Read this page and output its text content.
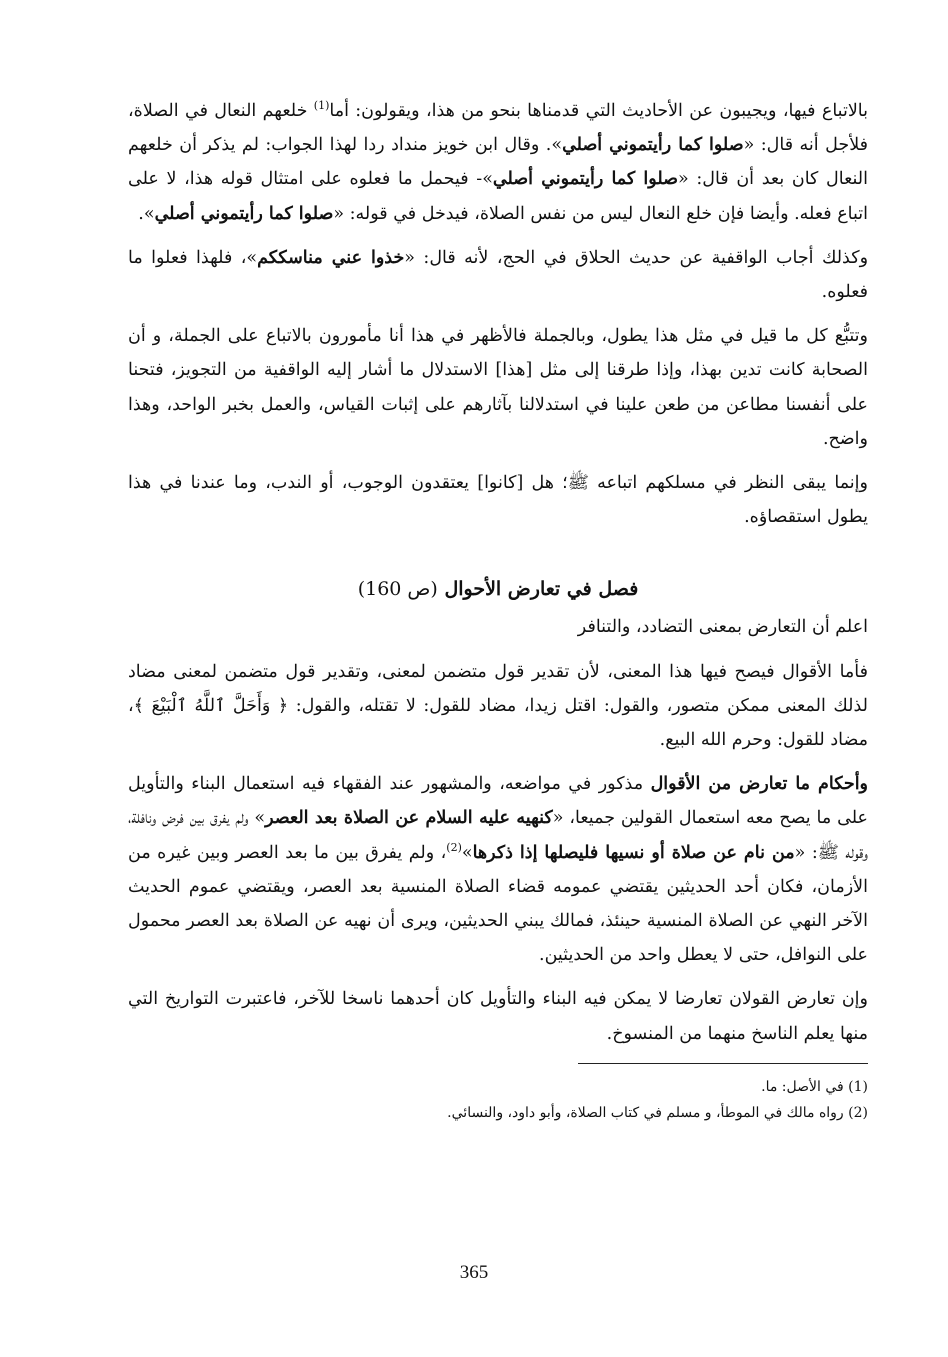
بالاتباع فيها، ويجيبون عن الأحاديث التي قدمناها بنحو من هذا، ويقولون: أما$^{(1)}$ خلعهم النعال في الصلاة، فلأجل أنه قال: «صلوا كما رأيتموني أصلي». وقال ابن خويز منداد ردا لهذا الجواب: لم يذكر أن خلعهم النعال كان بعد أن قال: «صلوا كما رأيتموني أصلي»- فيحمل ما فعلوه على امتثال قوله هذا، لا على اتباع فعله. وأيضا فإن خلع النعال ليس من نفس الصلاة، فيدخل في قوله: «صلوا كما رأيتموني أصلي».

وكذلك أجاب الواقفية عن حديث الحلاق في الحج، لأنه قال: «خذوا عني مناسككم»، فلهذا فعلوا ما فعلوه.

وتتبُّع كل ما قيل في مثل هذا يطول، وبالجملة فالأظهر في هذا أنا مأمورون بالاتباع على الجملة، و أن الصحابة كانت تدين بهذا، وإذا طرقنا إلى مثل [هذا] الاستدلال ما أشار إليه الواقفية من التجويز، فتحنا على أنفسنا مطاعن من طعن علينا في استدلالنا بآثارهم على إثبات القياس، والعمل بخبر الواحد، وهذا واضح.

وإنما يبقى النظر في مسلكهم اتباعه ﷺ؛ هل [كانوا] يعتقدون الوجوب، أو الندب، وما عندنا في هذا يطول استقصاؤه.

فصل في تعارض الأحوال (ص 160)

اعلم أن التعارض بمعنى التضادد، والتنافر

فأما الأقوال فيصح فيها هذا المعنى، لأن تقدير قول متضمن لمعنى، وتقدير قول متضمن لمعنى مضاد لذلك المعنى ممكن متصور، والقول: اقتل زيدا، مضاد للقول: لا تقتله، والقول: ﴿ وَأَحَلَّ ٱللَّهُ ٱلْبَيْعَ ﴾، مضاد للقول: وحرم الله البيع.

وأحكام ما تعارض من الأقوال مذكور في مواضعه، والمشهور عند الفقهاء فيه استعمال البناء والتأويل على ما يصح معه استعمال القولين جميعا، «كنهيه عليه السلام عن الصلاة بعد العصر» ولم يفرق بين فرض ونافلة، وقوله ﷺ: «من نام عن صلاة أو نسيها فليصلها إذا ذكرها»$^{(2)}$، ولم يفرق بين ما بعد العصر وبين غيره من الأزمان، فكان أحد الحديثين يقتضي عمومه قضاء الصلاة المنسية بعد العصر، ويقتضي عموم الحديث الآخر النهي عن الصلاة المنسية حينئذ، فمالك يبني الحديثين، ويرى أن نهيه عن الصلاة بعد العصر محمول على النوافل، حتى لا يعطل واحد من الحديثين.

وإن تعارض القولان تعارضا لا يمكن فيه البناء والتأويل كان أحدهما ناسخا للآخر، فاعتبرت التواريخ التي منها يعلم الناسخ منهما من المنسوخ.

(1) في الأصل: ما.

(2) رواه مالك في الموطأ، و مسلم في كتاب الصلاة، وأبو داود، والنسائي.

365
